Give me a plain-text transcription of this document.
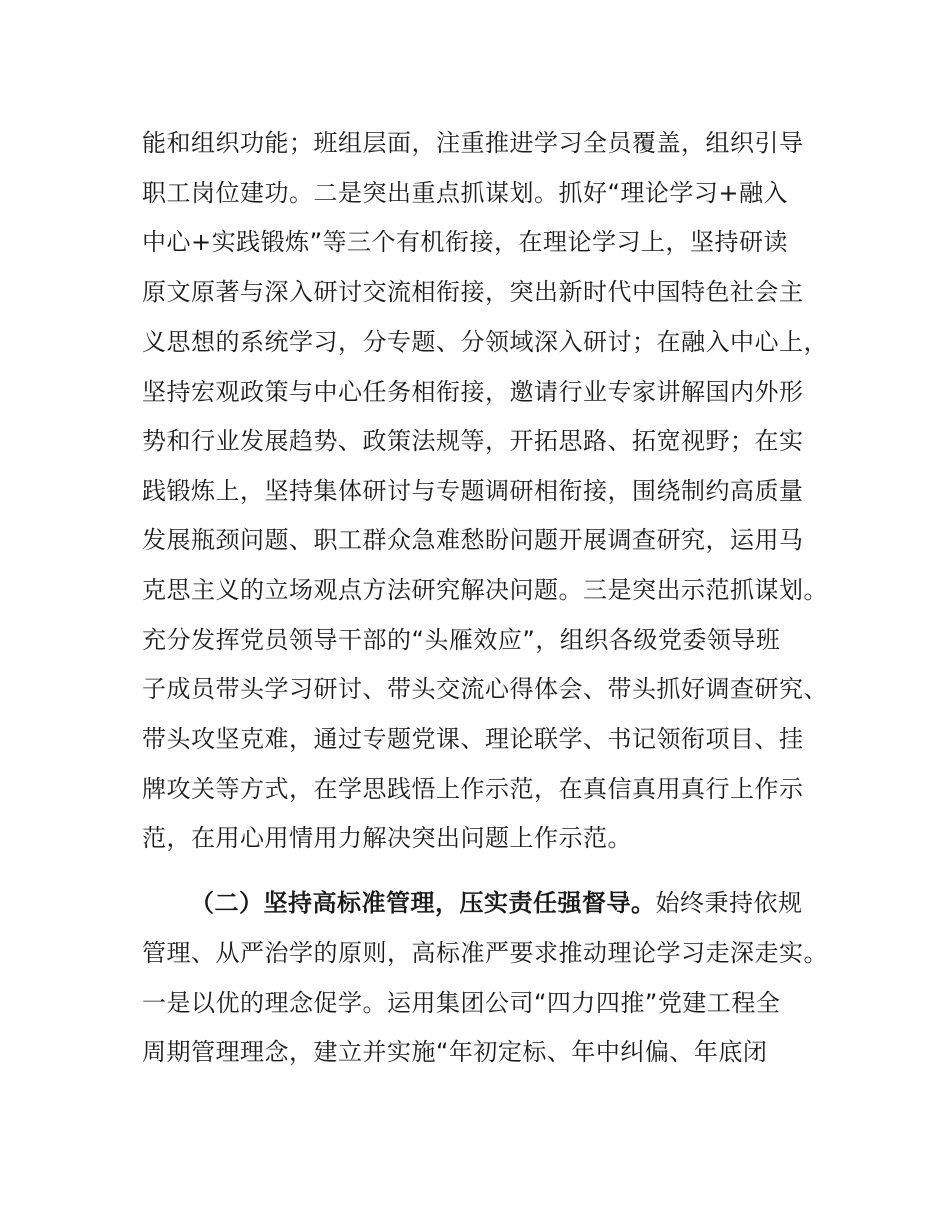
能和组织功能；班组层面，注重推进学习全员覆盖，组织引导
职工岗位建功。二是突出重点抓谋划。抓好“理论学习+融入
中心+实践锻炼”等三个有机衔接，在理论学习上，坚持研读
原文原著与深入研讨交流相衔接，突出新时代中国特色社会主
义思想的系统学习，分专题、分领域深入研讨；在融入中心上，
坚持宏观政策与中心任务相衔接，邀请行业专家讲解国内外形
势和行业发展趋势、政策法规等，开拓思路、拓宽视野；在实
践锻炼上，坚持集体研讨与专题调研相衔接，围绕制约高质量
发展瓶颈问题、职工群众急难愁盼问题开展调查研究，运用马
克思主义的立场观点方法研究解决问题。三是突出示范抓谋划。
充分发挥党员领导干部的“头雁效应”，组织各级党委领导班
子成员带头学习研讨、带头交流心得体会、带头抓好调查研究、
带头攻坚克难，通过专题党课、理论联学、书记领衔项目、挂
牌攻关等方式，在学思践悟上作示范，在真信真用真行上作示
范，在用心用情用力解决突出问题上作示范。
（二）坚持高标准管理，压实责任强督导。始终秉持依规
管理、从严治学的原则，高标准严要求推动理论学习走深走实。
一是以优的理念促学。运用集团公司“四力四推”党建工程全
周期管理理念，建立并实施“年初定标、年中纠偏、年底闭
